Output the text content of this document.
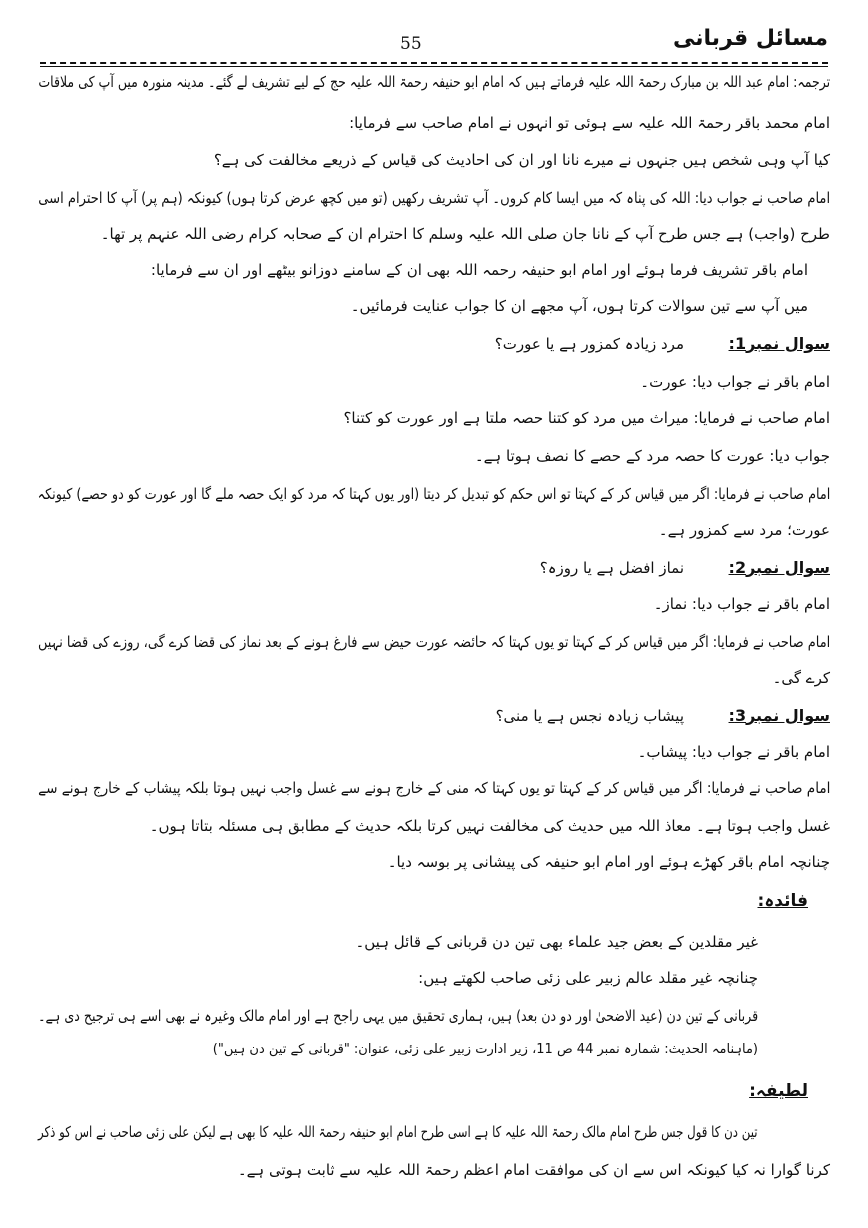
مسائل قربانی
55
ترجمہ: امام عبد اللہ بن مبارک رحمۃ اللہ علیہ فرماتے ہیں کہ امام ابو حنیفہ رحمۃ اللہ علیہ حج کے لیے تشریف لے گئے۔ مدینہ منورہ میں آپ کی ملاقات
امام محمد باقر رحمۃ اللہ علیہ سے ہوئی تو انہوں نے امام صاحب سے فرمایا:
کیا آپ وہی شخص ہیں جنہوں نے میرے نانا اور ان کی احادیث کی قیاس کے ذریعے مخالفت کی ہے؟
امام صاحب نے جواب دیا: اللہ کی پناہ کہ میں ایسا کام کروں۔ آپ تشریف رکھیں (تو میں کچھ عرض کرتا ہوں) کیونکہ (ہم پر) آپ کا احترام اسی
طرح (واجب) ہے جس طرح آپ کے نانا جان صلی اللہ علیہ وسلم کا احترام ان کے صحابہ کرام رضی اللہ عنہم پر تھا۔
امام باقر تشریف فرما ہوئے اور امام ابو حنیفہ رحمہ اللہ بھی ان کے سامنے دوزانو بیٹھے اور ان سے فرمایا:
میں آپ سے تین سوالات کرتا ہوں، آپ مجھے ان کا جواب عنایت فرمائیں۔
سوال نمبر1:
مرد زیادہ کمزور ہے یا عورت؟
امام باقر نے جواب دیا: عورت۔
امام صاحب نے فرمایا: میراث میں مرد کو کتنا حصہ ملتا ہے اور عورت کو کتنا؟
جواب دیا: عورت کا حصہ مرد کے حصے کا نصف ہوتا ہے۔
امام صاحب نے فرمایا: اگر میں قیاس کر کے کہتا تو اس حکم کو تبدیل کر دیتا (اور یوں کہتا کہ مرد کو ایک حصہ ملے گا اور عورت کو دو حصے) کیونکہ
عورت؛ مرد سے کمزور ہے۔
سوال نمبر2:
نماز افضل ہے یا روزہ؟
امام باقر نے جواب دیا: نماز۔
امام صاحب نے فرمایا: اگر میں قیاس کر کے کہتا تو یوں کہتا کہ حائضہ عورت حیض سے فارغ ہونے کے بعد نماز کی قضا کرے گی، روزے کی قضا نہیں
کرے گی۔
سوال نمبر3:
پیشاب زیادہ نجس ہے یا منی؟
امام باقر نے جواب دیا: پیشاب۔
امام صاحب نے فرمایا: اگر میں قیاس کر کے کہتا تو یوں کہتا کہ منی کے خارج ہونے سے غسل واجب نہیں ہوتا بلکہ پیشاب کے خارج ہونے سے
غسل واجب ہوتا ہے۔ معاذ اللہ میں حدیث کی مخالفت نہیں کرتا بلکہ حدیث کے مطابق ہی مسئلہ بتاتا ہوں۔
چنانچہ امام باقر کھڑے ہوئے اور امام ابو حنیفہ کی پیشانی پر بوسہ دیا۔
فائدہ:
غیر مقلدین کے بعض جید علماء بھی تین دن قربانی کے قائل ہیں۔
چنانچہ غیر مقلد عالم زبیر علی زئی صاحب لکھتے ہیں:
قربانی کے تین دن (عید الاضحیٰ اور دو دن بعد) ہیں، ہماری تحقیق میں یہی راجح ہے اور امام مالک وغیرہ نے بھی اسے ہی ترجیح دی ہے۔
(ماہنامہ الحدیث: شمارہ نمبر 44 ص 11، زیر ادارت زبیر علی زئی، عنوان: "قربانی کے تین دن ہیں")
لطیفہ:
تین دن کا قول جس طرح امام مالک رحمۃ اللہ علیہ کا ہے اسی طرح امام ابو حنیفہ رحمۃ اللہ علیہ کا بھی ہے لیکن علی زئی صاحب نے اس کو ذکر
کرنا گوارا نہ کیا کیونکہ اس سے ان کی موافقت امام اعظم رحمۃ اللہ علیہ سے ثابت ہوتی ہے۔
